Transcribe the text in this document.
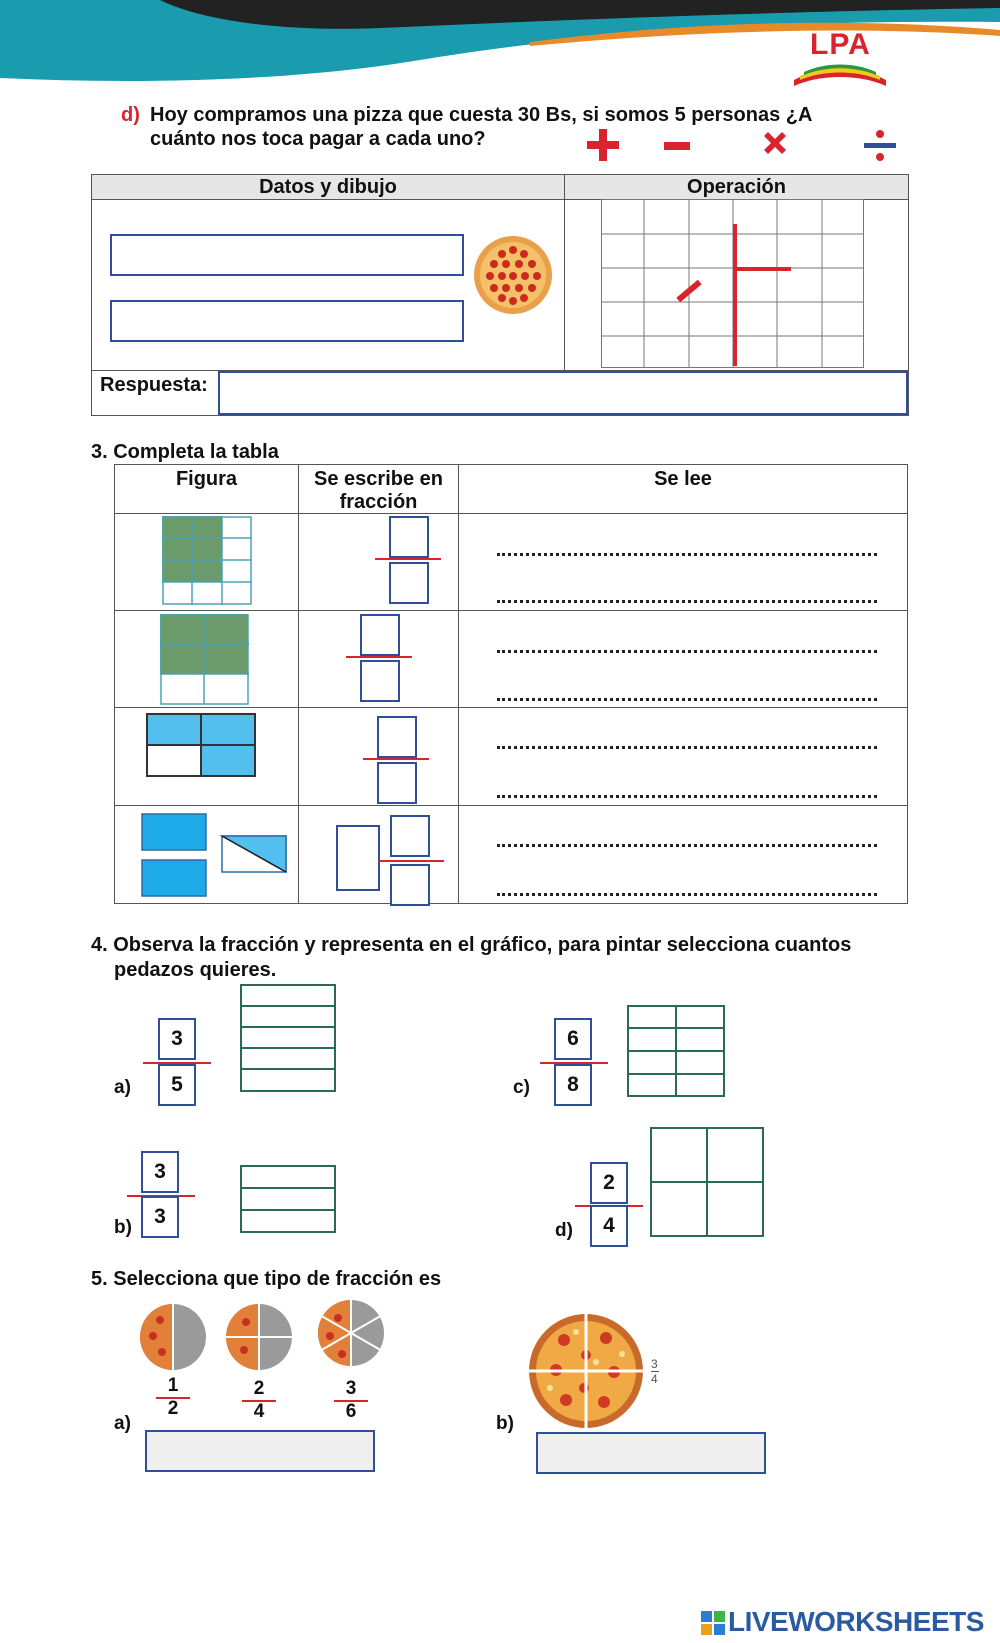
LPA
d) Hoy compramos una pizza que cuesta 30 Bs, si somos 5 personas ¿A
cuánto nos toca pagar a cada uno?
Datos y dibujo	Operación
Respuesta:
3. Completa la tabla
Figura	Se escribe en
fracción
Se lee
4. Observa la fracción y representa en el gráfico, para pintar selecciona cuantos
pedazos quieres.
a)
3
5
b)
3
3
c)
6
8
d)
2
4
5. Selecciona que tipo de fracción es
1
2
2
4
3
6
a)
3
4
b)
LIVEWORKSHEETS
